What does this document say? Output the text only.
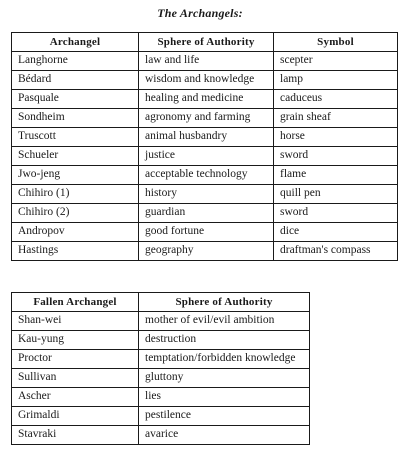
The Archangels:
Archangel	Sphere of Authority	Symbol
Langhorne	law and life	scepter
Bédard	wisdom and knowledge	lamp
Pasquale	healing and medicine	caduceus
Sondheim	agronomy and farming	grain sheaf
Truscott	animal husbandry	horse
Schueler	justice	sword
Jwo-jeng	acceptable technology	flame
Chihiro (1)	history	quill pen
Chihiro (2)	guardian	sword
Andropov	good fortune	dice
Hastings	geography	draftman's compass
Fallen Archangel	Sphere of Authority
Shan-wei	mother of evil/evil ambition
Kau-yung	destruction
Proctor	temptation/forbidden knowledge
Sullivan	gluttony
Ascher	lies
Grimaldi	pestilence
Stavraki	avarice
